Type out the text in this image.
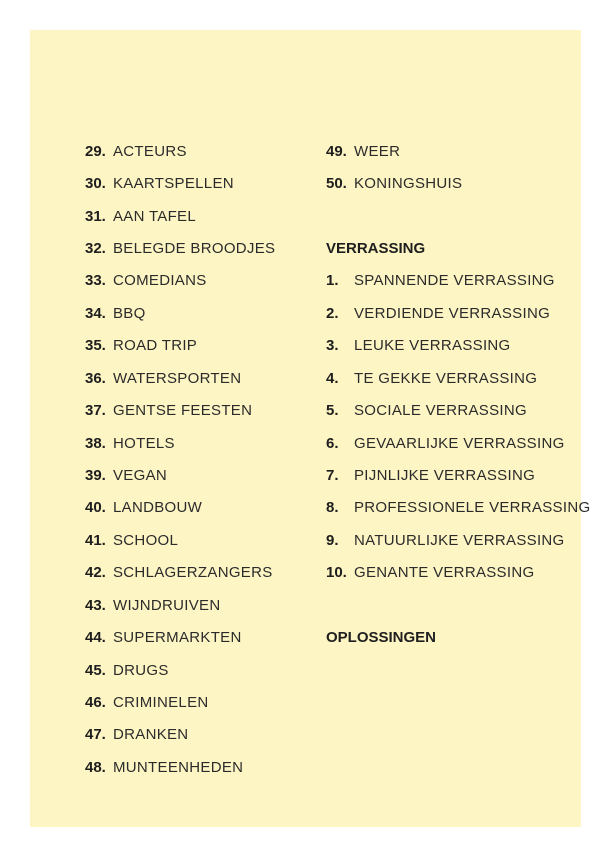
29. ACTEURS
30. KAARTSPELLEN
31. AAN TAFEL
32. BELEGDE BROODJES
33. COMEDIANS
34. BBQ
35. ROAD TRIP
36. WATERSPORTEN
37. GENTSE FEESTEN
38. HOTELS
39. VEGAN
40. LANDBOUW
41. SCHOOL
42. SCHLAGERZANGERS
43. WIJNDRUIVEN
44. SUPERMARKTEN
45. DRUGS
46. CRIMINELEN
47. DRANKEN
48. MUNTEENHEDEN
49. WEER
50. KONINGSHUIS
VERRASSING
1. SPANNENDE VERRASSING
2. VERDIENDE VERRASSING
3. LEUKE VERRASSING
4. TE GEKKE VERRASSING
5. SOCIALE VERRASSING
6. GEVAARLIJKE VERRASSING
7. PIJNLIJKE VERRASSING
8. PROFESSIONELE VERRASSING
9. NATUURLIJKE VERRASSING
10. GENANTE VERRASSING
OPLOSSINGEN
